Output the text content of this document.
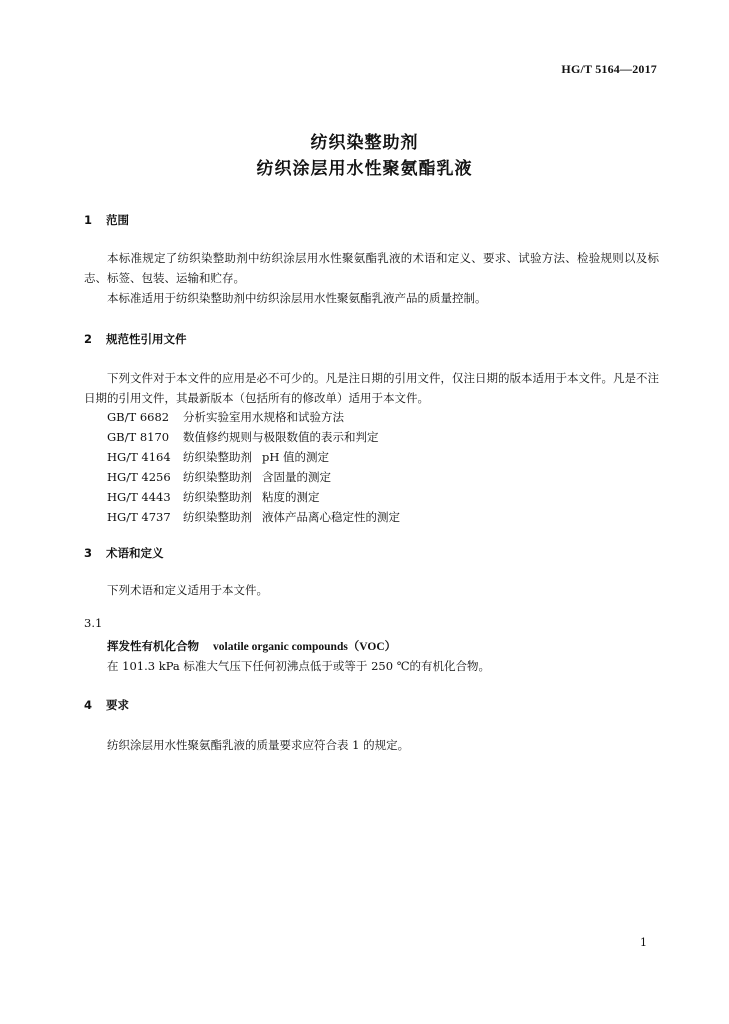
HG/T 5164—2017
纺织染整助剂
纺织涂层用水性聚氨酯乳液
1 范围
本标准规定了纺织染整助剂中纺织涂层用水性聚氨酯乳液的术语和定义、要求、试验方法、检验规则以及标志、标签、包装、运输和贮存。
本标准适用于纺织染整助剂中纺织涂层用水性聚氨酯乳液产品的质量控制。
2 规范性引用文件
下列文件对于本文件的应用是必不可少的。凡是注日期的引用文件，仅注日期的版本适用于本文件。凡是不注日期的引用文件，其最新版本（包括所有的修改单）适用于本文件。
GB/T 6682 分析实验室用水规格和试验方法
GB/T 8170 数值修约规则与极限数值的表示和判定
HG/T 4164 纺织染整助剂 pH 值的测定
HG/T 4256 纺织染整助剂 含固量的测定
HG/T 4443 纺织染整助剂 粘度的测定
HG/T 4737 纺织染整助剂 液体产品离心稳定性的测定
3 术语和定义
下列术语和定义适用于本文件。
3.1
挥发性有机化合物 volatile organic compounds（VOC）
在 101.3 kPa 标准大气压下任何初沸点低于或等于 250 ℃的有机化合物。
4 要求
纺织涂层用水性聚氨酯乳液的质量要求应符合表 1 的规定。
1
